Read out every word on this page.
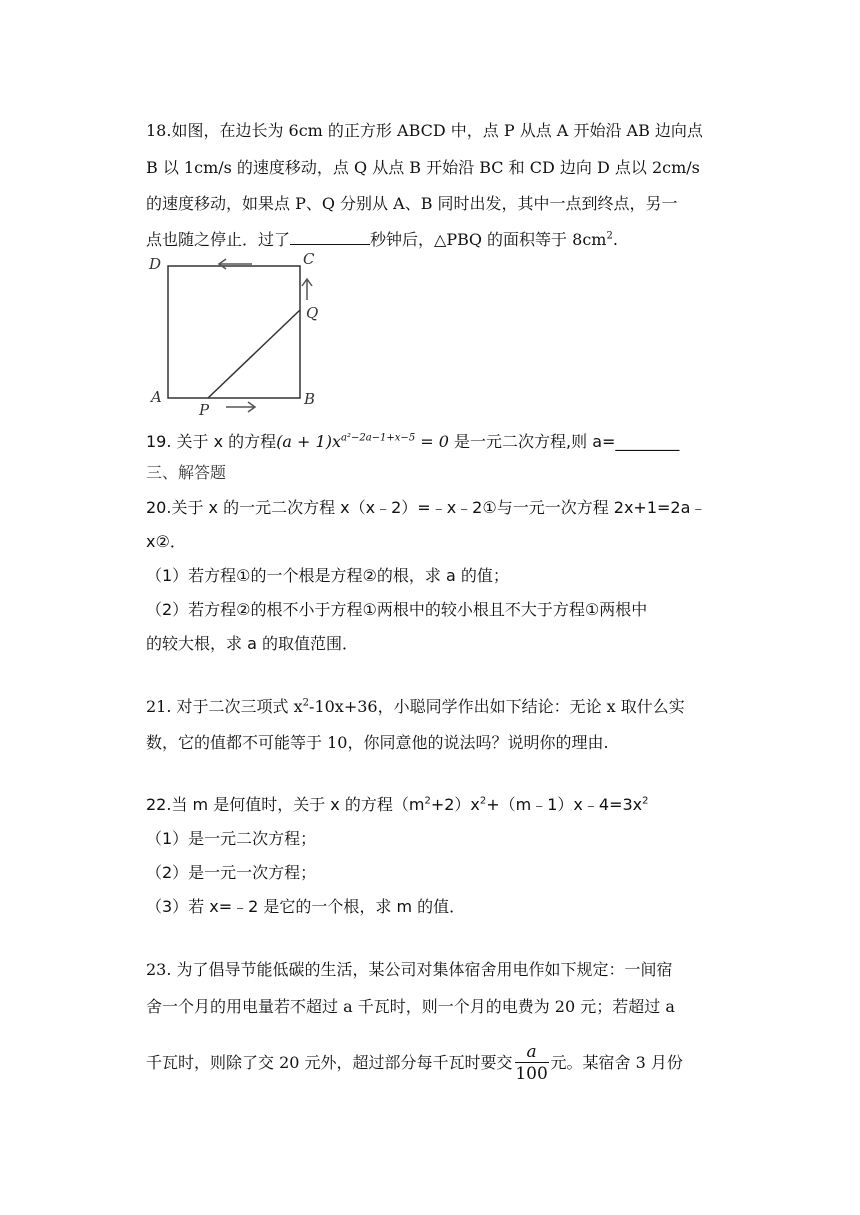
18.如图，在边长为 6cm 的正方形 ABCD 中，点 P 从点 A 开始沿 AB 边向点
B 以 1cm/s 的速度移动，点 Q 从点 B 开始沿 BC 和 CD 边向 D 点以 2cm/s
的速度移动，如果点 P、Q 分别从 A、B 同时出发，其中一点到终点，另一
点也随之停止．过了	秒钟后，△PBQ 的面积等于 $8cm^2$.
D	C
Q
A
P
B
19. 关于 x 的方程$(a + 1)x^{a^2-2a-1+x-5} = 0$ 是一元二次方程,则 a=________
三、解答题
20.关于 x 的一元二次方程 x（x﹣2）=﹣x﹣2①与一元一次方程 2x+1=2a﹣
x②．
（1）若方程①的一个根是方程②的根，求 a 的值；
（2）若方程②的根不小于方程①两根中的较小根且不大于方程①两根中
的较大根，求 a 的取值范围．
21. 对于二次三项式 $x^2-10x+36$，小聪同学作出如下结论：无论 x 取什么实
数，它的值都不可能等于 10，你同意他的说法吗？说明你的理由.
22.当 m 是何值时，关于 x 的方程$(m^2+2)x^2+(m﹣1)x﹣4=3x^2$
（1）是一元二次方程；
（2）是一元一次方程；
（3）若 x=﹣2 是它的一个根，求 m 的值．
23. 为了倡导节能低碳的生活，某公司对集体宿舍用电作如下规定：一间宿
舍一个月的用电量若不超过 a 千瓦时，则一个月的电费为 20 元；若超过 a
千瓦时，则除了交 20 元外，超过部分每千瓦时要交 $\frac{a}{100}$ 元。某宿舍 3 月份
